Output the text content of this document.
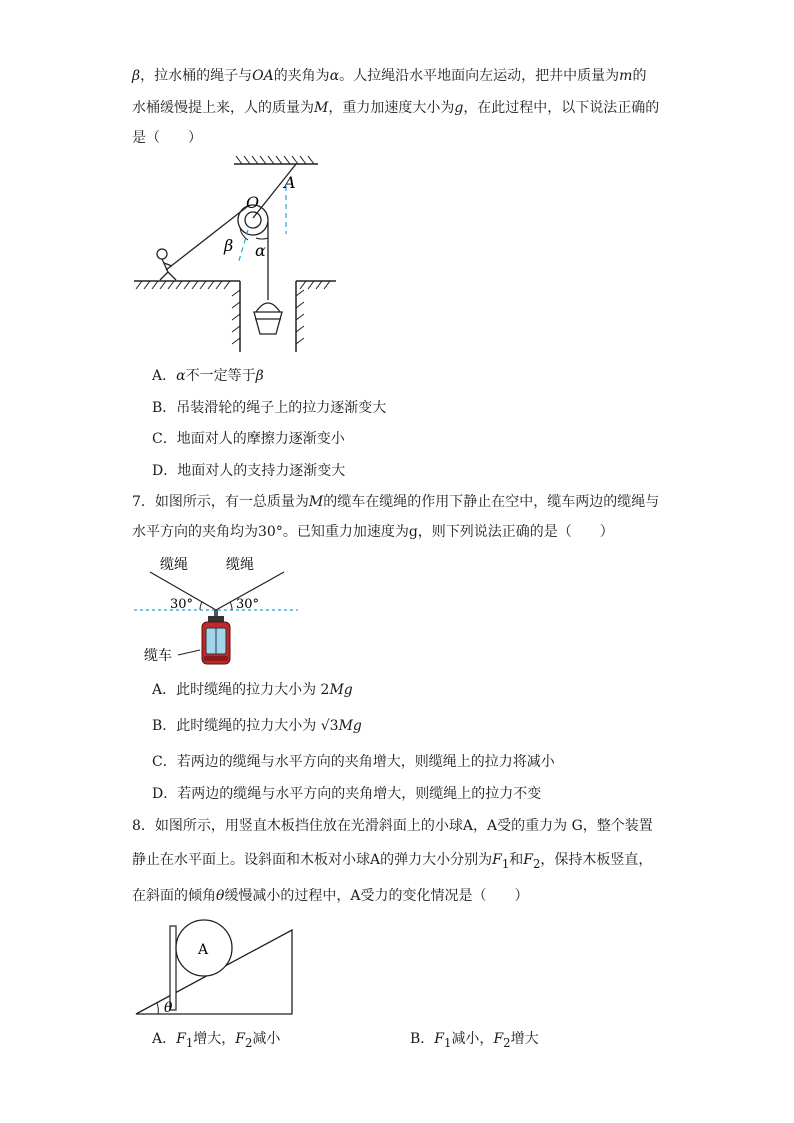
β，拉水桶的绳子与OA的夹角为α。人拉绳沿水平地面向左运动，把井中质量为m的
水桶缓慢提上来，人的质量为M，重力加速度大小为g，在此过程中，以下说法正确的
是（　　）
A
O
β α
A．α不一定等于β
B．吊装滑轮的绳子上的拉力逐渐变大
C．地面对人的摩擦力逐渐变小
D．地面对人的支持力逐渐变大
7．如图所示，有一总质量为M的缆车在缆绳的作用下静止在空中，缆车两边的缆绳与
水平方向的夹角均为30°。已知重力加速度为g，则下列说法正确的是（　　）
缆绳	缆绳
30°	30°
缆车
A．此时缆绳的拉力大小为 2Mg
B．此时缆绳的拉力大小为 √3Mg
C．若两边的缆绳与水平方向的夹角增大，则缆绳上的拉力将减小
D．若两边的缆绳与水平方向的夹角增大，则缆绳上的拉力不变
8．如图所示，用竖直木板挡住放在光滑斜面上的小球A，A受的重力为 G，整个装置
静止在水平面上。设斜面和木板对小球A的弹力大小分别为$F_1$和$F_2$，保持木板竖直，
在斜面的倾角θ缓慢减小的过程中，A受力的变化情况是（　　）
A
θ
A．$F_1$增大，$F_2$减小	B．$F_1$减小，$F_2$增大
